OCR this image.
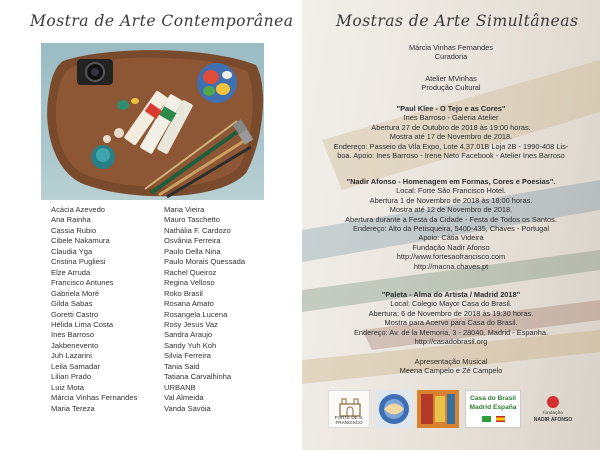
Mostra de Arte Contemporânea
Acácia Azevedo
Ana Rainha
Cassia Rubio
Cibele Nakamura
Claudia Yga
Cristina Pugliesi
Elze Arruda
Francisco Antunes
Gabriela Moré
Gilda Sabas
Goretti Castro
Hélida Lima Costa
Ines Barroso
Jakbenevento
Juh Lazarini
Leila Samadar
Lilian Prado
Luiz Mota
Márcia Vinhas Fernandes
Maria Tereza
Maria Vieira
Mauro Taschetto
Nathália F. Cardozo
Osvânia Ferreira
Paulo Della Nina
Paulo Morais Quessada
Rachel Queiroz
Regina Velloso
Roko Brasil
Rosana Amato
Rosangela Lucena
Rosy Jesus Vaz
Sandra Araujo
Sandy Yuh Koh
Silvia Ferreira
Tania Said
Tatiana Carvalhinha
URBANB
Val Almeida
Vanda Savóia
Mostras de Arte Simultâneas
Márcia Vinhas Fernandes
Curadoria
Atelier MVinhas
Produção Cultural
"Paul Klee - O Tejo e as Cores"
Ines Barroso - Galeria Atelier
Abertura 27 de Outubro de 2018 às 19:00 horas.
Mostra até 17 de Novembro de 2018.
Endereço: Passeio da Vila Expo, Lote 4.37.01B Loja 2B - 1990-408 Lis-
boa. Apoio: Ines Barroso - Irene Neto Facebook - Atelier Ines Barroso
"Nadir Afonso - Homenagem em Formas, Cores e Poesias".
Local: Forte São Francisco Hotel.
Abertura 1 de Novembro de 2018 às 18:00 horas.
Mostra até 12 de Novembro de 2018.
Abertura durante a Festa da Cidade - Festa de Todos os Santos.
Endereço: Alto da Petisqueira, 5400-435, Chaves - Portugal
Apoio: Cátia Videira
Fundação Nadir Afonso
http://www.fortesaofrancisco.com
http://macna.chaves.pt
"Paleta - Alma do Artista / Madrid 2018"
Local: Colegio Mayor Casa do Brasil.
Abertura: 6 de Novembro de 2018 às 19:30 horas.
Mostra para Acervo para Casa do Brasil.
Endereço: Av. de la Memoria, 3 - 28040, Madrid - Espanha.
http://casadobrasil.org
Apresentação Musical
Meena Campelo e Zé Campelo
FORTE DE S. FRANCISCO
Casa do Brasil
Madrid España
fundação
NADIR AFONSO
